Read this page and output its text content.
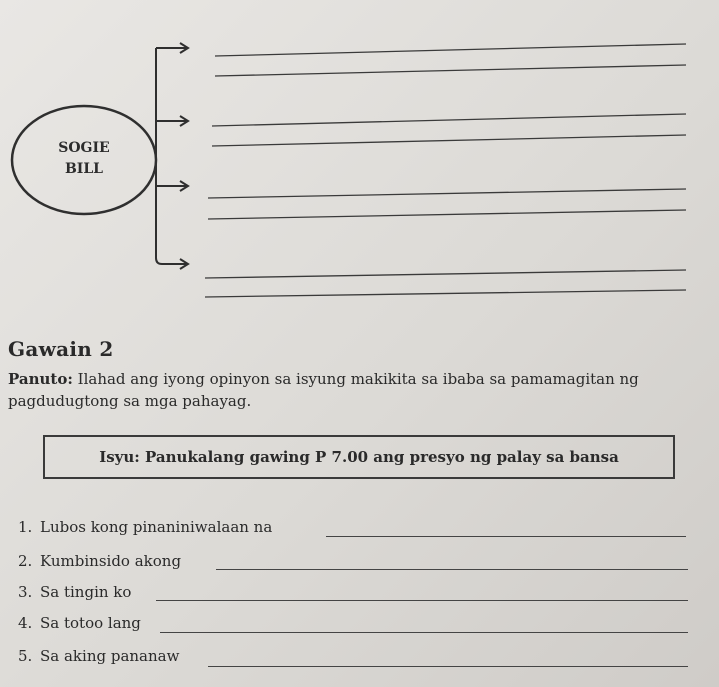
SOGIE
BILL
Gawain 2
Panuto: Ilahad ang iyong opinyon sa isyung makikita sa ibaba sa pamamagitan ng pagdudugtong sa mga pahayag.
Isyu: Panukalang gawing P 7.00 ang presyo ng palay sa bansa
1. Lubos kong pinaniniwalaan na
2. Kumbinsido akong
3. Sa tingin ko
4. Sa totoo lang
5. Sa aking pananaw
